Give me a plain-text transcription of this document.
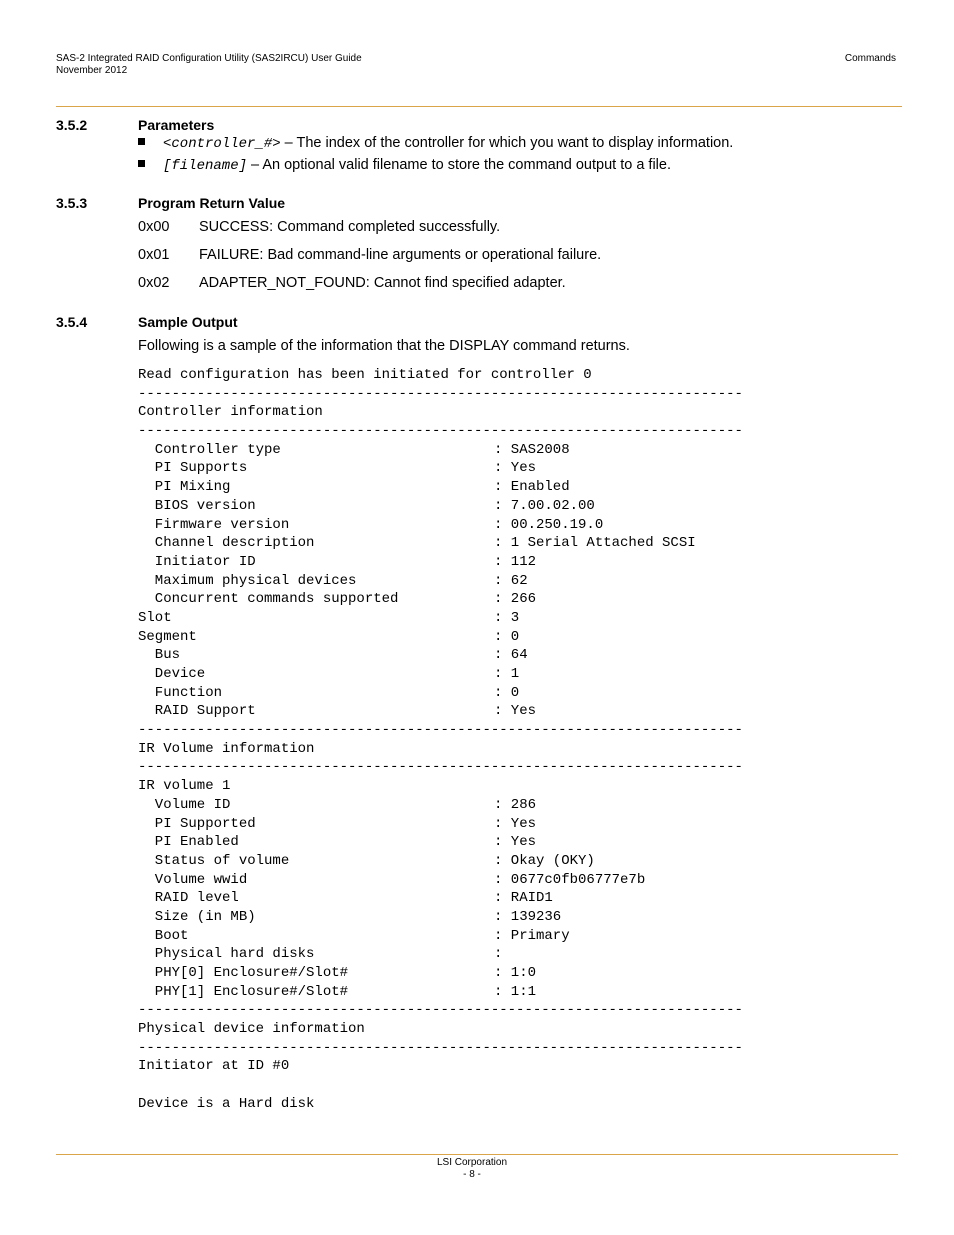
SAS-2 Integrated RAID Configuration Utility (SAS2IRCU) User Guide
November 2012
Commands
3.5.2	Parameters
<controller_#> – The index of the controller for which you want to display information.
[filename] – An optional valid filename to store the command output to a file.
3.5.3	Program Return Value
0x00 SUCCESS: Command completed successfully.
0x01 FAILURE: Bad command-line arguments or operational failure.
0x02 ADAPTER_NOT_FOUND: Cannot find specified adapter.
3.5.4	Sample Output
Following is a sample of the information that the DISPLAY command returns.
Read configuration has been initiated for controller 0
------------------------------------------------------------------------
Controller information
------------------------------------------------------------------------
Controller type	: SAS2008
PI Supports	: Yes
PI Mixing	: Enabled
BIOS version	: 7.00.02.00
Firmware version	: 00.250.19.0
Channel description	: 1 Serial Attached SCSI
Initiator ID	: 112
Maximum physical devices	: 62
Concurrent commands supported	: 266
Slot	: 3
Segment	: 0
Bus	: 64
Device	: 1
Function	: 0
RAID Support	: Yes
------------------------------------------------------------------------
IR Volume information
------------------------------------------------------------------------
IR volume 1
Volume ID	: 286
PI Supported	: Yes
PI Enabled	: Yes
Status of volume	: Okay (OKY)
Volume wwid	: 0677c0fb06777e7b
RAID level	: RAID1
Size (in MB)	: 139236
Boot	: Primary
Physical hard disks	:
PHY[0] Enclosure#/Slot#	: 1:0
PHY[1] Enclosure#/Slot#	: 1:1
------------------------------------------------------------------------
Physical device information
------------------------------------------------------------------------
Initiator at ID #0
Device is a Hard disk
LSI Corporation
- 8 -
